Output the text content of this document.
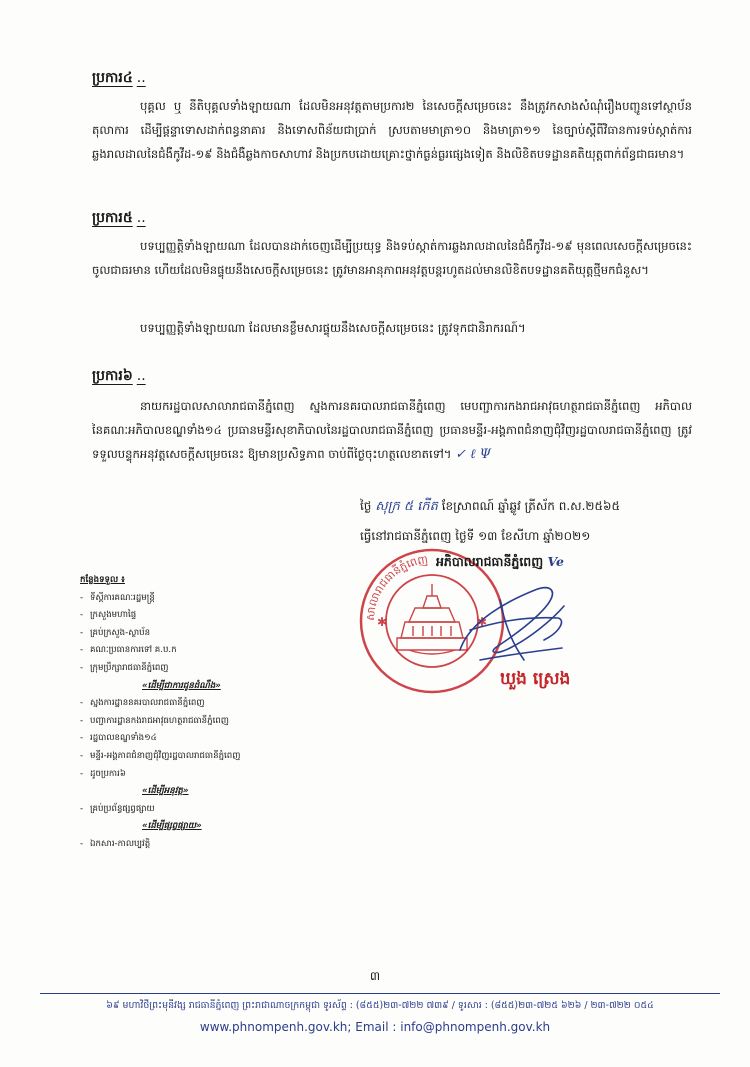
ប្រការ៤ ..

បុគ្គល ឬ នីតិបុគ្គលទាំងឡាយណា ដែលមិនអនុវត្តតាមប្រការ២ នៃសេចក្ដីសម្រេចនេះ នឹងត្រូវកសាងសំណុំរឿងបញ្ជូនទៅស្ថាប័នតុលាការ ដើម្បីផ្ដន្ទាទោសដាក់ពន្ធនាគារ និងទោសពិន័យជាប្រាក់ ស្របតាមមាត្រា១០ និងមាត្រា១១ នៃច្បាប់ស្ដីពីវិធានការទប់ស្កាត់ការឆ្លងរាលដាលនៃជំងឺកូវីដ-១៩ និងជំងឺឆ្លងកាចសាហាវ និងប្រកបដោយគ្រោះថ្នាក់ធ្ងន់ធ្ងរផ្សេងទៀត និងលិខិតបទដ្ឋានគតិយុត្តពាក់ព័ន្ធជាធរមាន។

ប្រការ៥ ..

បទប្បញ្ញត្តិទាំងឡាយណា ដែលបានដាក់ចេញដើម្បីប្រយុទ្ធ និងទប់ស្កាត់ការឆ្លងរាលដាលនៃជំងឺកូវីដ-១៩ មុនពេលសេចក្ដីសម្រេចនេះចូលជាធរមាន ហើយដែលមិនផ្ទុយនឹងសេចក្ដីសម្រេចនេះ ត្រូវមានអានុភាពអនុវត្តបន្តរហូតដល់មានលិខិតបទដ្ឋានគតិយុត្តថ្មីមកជំនួស។

បទប្បញ្ញត្តិទាំងឡាយណា ដែលមានខ្លឹមសារផ្ទុយនឹងសេចក្ដីសម្រេចនេះ ត្រូវទុកជានិរាករណ៍។

ប្រការ៦ ..

នាយករដ្ឋបាលសាលារាជធានីភ្នំពេញ ស្នងការនគរបាលរាជធានីភ្នំពេញ មេបញ្ជាការកងរាជអាវុធហត្ថរាជធានីភ្នំពេញ អភិបាល នៃគណៈអភិបាលខណ្ឌទាំង១៤ ប្រធានមន្ទីរសុខាភិបាលនៃរដ្ឋបាលរាជធានីភ្នំពេញ ប្រធានមន្ទីរ-អង្គភាពជំនាញជុំវិញរដ្ឋបាលរាជធានីភ្នំពេញ ត្រូវទទួលបន្ទុកអនុវត្តសេចក្ដីសម្រេចនេះ ឱ្យមានប្រសិទ្ធភាព ចាប់ពីថ្ងៃចុះហត្ថលេខាតទៅ។ ✓ ℓ Ψ

ថ្ងៃ សុក្រ ៥ កើត ខែស្រាពណ៍ ឆ្នាំឆ្លូវ ត្រីស័ក ព.ស.២៥៦៥
ធ្វើនៅរាជធានីភ្នំពេញ ថ្ងៃទី ១៣ ខែសីហា ឆ្នាំ២០២១
សាលារាជធានីភ្នំពេញ
✱	✱
អភិបាលរាជធានីភ្នំពេញ Ve
ឃួង ស្រេង
កន្លែងទទួល ៖
- ទីស្ដីការគណៈរដ្ឋមន្ត្រី
- ក្រសួងមហាផ្ទៃ
- គ្រប់ក្រសួង-ស្ថាប័ន
- គណៈប្រធានការទៅ គ.ប.ក
- ក្រុមប្រឹក្សារាជធានីភ្នំពេញ
«ដើម្បីជាការជូនដំណឹង»
- ស្នងការដ្ឋាននគរបាលរាជធានីភ្នំពេញ
- បញ្ជាការដ្ឋានកងរាជអាវុធហត្ថរាជធានីភ្នំពេញ
- រដ្ឋបាលខណ្ឌទាំង១៤
- មន្ទីរ-អង្គភាពជំនាញជុំវិញរដ្ឋបាលរាជធានីភ្នំពេញ
- ដូចប្រការ៦
«ដើម្បីអនុវត្ត»
- គ្រប់ប្រព័ន្ធផ្សព្វផ្សាយ
«ដើម្បីផ្សព្វផ្សាយ»
- ឯកសារ-កាលប្បវត្តិ
៣
៦៩ មហាវិថីព្រះមុនីវង្ស រាជធានីភ្នំពេញ ព្រះរាជាណាចក្រកម្ពុជា ទូរស័ព្ទ : (៨៥៥)២៣-៧២២ ៧៣៩ / ទូរសារ : (៨៥៥)២៣-៧២៥ ៦២៦ / ២៣-៧២២ ០៥៤
www.phnompenh.gov.kh; Email : info@phnompenh.gov.kh
